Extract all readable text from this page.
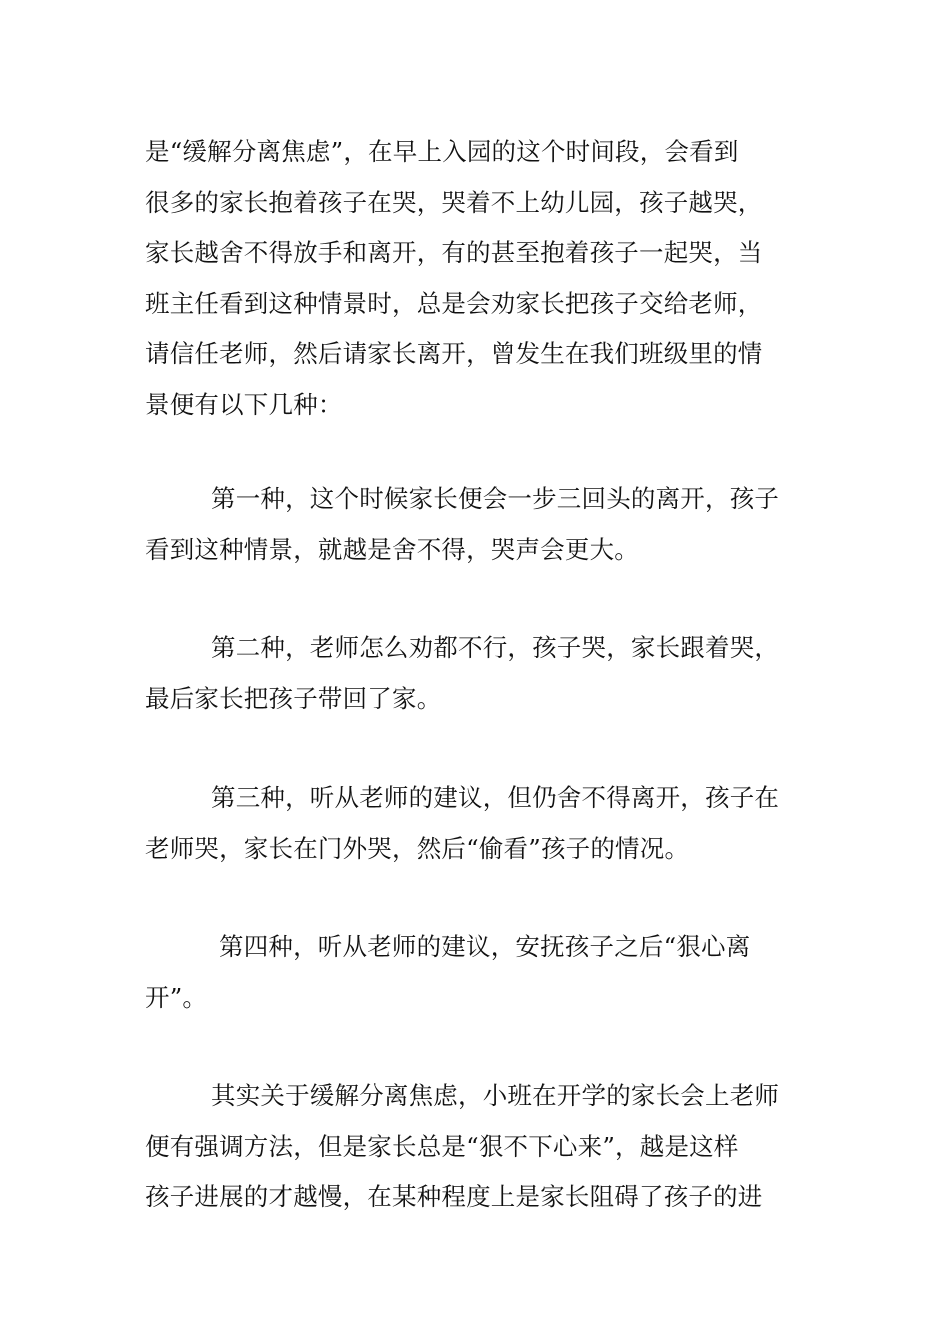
是“缓解分离焦虑”，在早上入园的这个时间段，会看到
很多的家长抱着孩子在哭，哭着不上幼儿园，孩子越哭，
家长越舍不得放手和离开，有的甚至抱着孩子一起哭，当
班主任看到这种情景时，总是会劝家长把孩子交给老师，
请信任老师，然后请家长离开，曾发生在我们班级里的情
景便有以下几种：
第一种，这个时候家长便会一步三回头的离开，孩子
看到这种情景，就越是舍不得，哭声会更大。
第二种，老师怎么劝都不行，孩子哭，家长跟着哭，
最后家长把孩子带回了家。
第三种，听从老师的建议，但仍舍不得离开，孩子在
老师哭，家长在门外哭，然后“偷看”孩子的情况。
第四种，听从老师的建议，安抚孩子之后“狠心离
开”。
其实关于缓解分离焦虑，小班在开学的家长会上老师
便有强调方法，但是家长总是“狠不下心来”，越是这样
孩子进展的才越慢，在某种程度上是家长阻碍了孩子的进
